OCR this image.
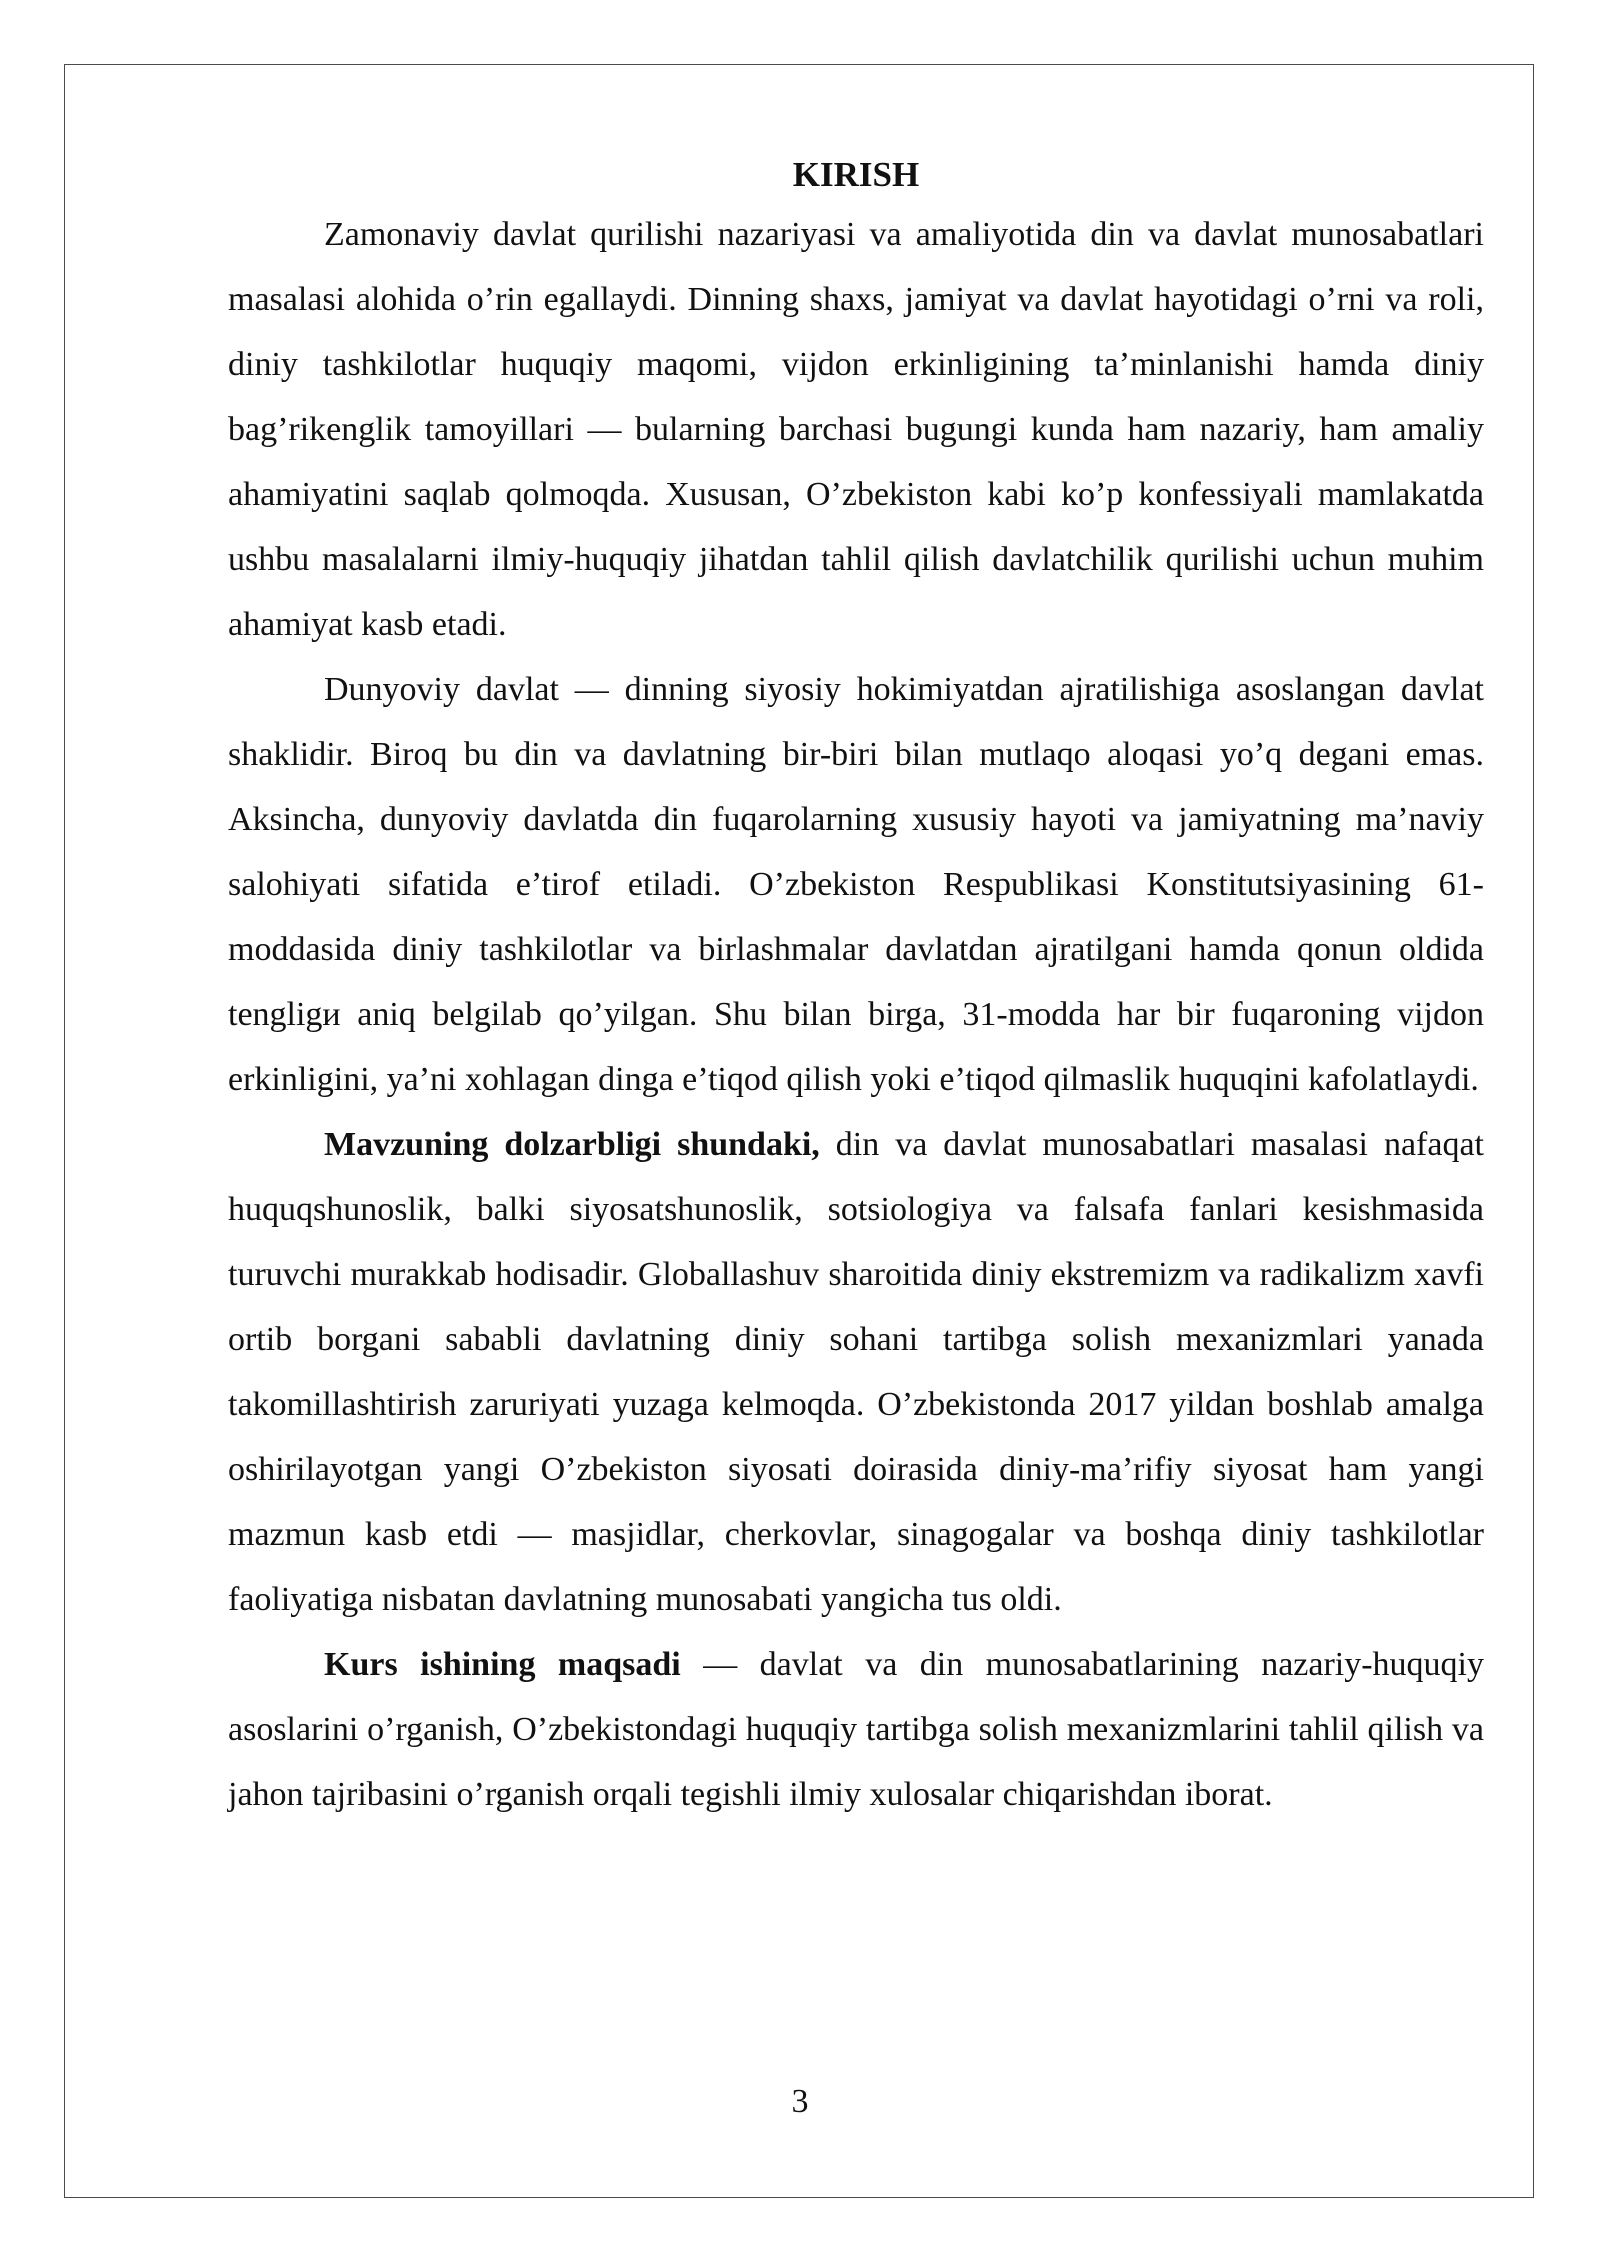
KIRISH

Zamonaviy davlat qurilishi nazariyasi va amaliyotida din va davlat munosabatlari masalasi alohida o’rin egallaydi. Dinning shaxs, jamiyat va davlat hayotidagi o’rni va roli, diniy tashkilotlar huquqiy maqomi, vijdon erkinligining ta’minlanishi hamda diniy bag’rikenglik tamoyillari — bularning barchasi bugungi kunda ham nazariy, ham amaliy ahamiyatini saqlab qolmoqda. Xususan, O’zbekiston kabi ko’p konfessiyali mamlakatda ushbu masalalarni ilmiy-huquqiy jihatdan tahlil qilish davlatchilik qurilishi uchun muhim ahamiyat kasb etadi.

Dunyoviy davlat — dinning siyosiy hokimiyatdan ajratilishiga asoslangan davlat shaklidir. Biroq bu din va davlatning bir-biri bilan mutlaqo aloqasi yo’q degani emas. Aksincha, dunyoviy davlatda din fuqarolarning xususiy hayoti va jamiyatning ma’naviy salohiyati sifatida e’tirof etiladi. O’zbekiston Respublikasi Konstitutsiyasining 61-moddasida diniy tashkilotlar va birlashmalar davlatdan ajratilgani hamda qonun oldida tengligи aniq belgilab qo’yilgan. Shu bilan birga, 31-modda har bir fuqaroning vijdon erkinligini, ya’ni xohlagan dinga e’tiqod qilish yoki e’tiqod qilmaslik huquqini kafolatlaydi.

Mavzuning dolzarbligi shundaki, din va davlat munosabatlari masalasi nafaqat huquqshunoslik, balki siyosatshunoslik, sotsiologiya va falsafa fanlari kesishmasida turuvchi murakkab hodisadir. Globallashuv sharoitida diniy ekstremizm va radikalizm xavfi ortib borgani sababli davlatning diniy sohani tartibga solish mexanizmlari yanada takomillashtirish zaruriyati yuzaga kelmoqda. O’zbekistonda 2017 yildan boshlab amalga oshirilayotgan yangi O’zbekiston siyosati doirasida diniy-ma’rifiy siyosat ham yangi mazmun kasb etdi — masjidlar, cherkovlar, sinagogalar va boshqa diniy tashkilotlar faoliyatiga nisbatan davlatning munosabati yangicha tus oldi.

Kurs ishining maqsadi — davlat va din munosabatlarining nazariy-huquqiy asoslarini o’rganish, O’zbekistondagi huquqiy tartibga solish mexanizmlarini tahlil qilish va jahon tajribasini o’rganish orqali tegishli ilmiy xulosalar chiqarishdan iborat.

3
